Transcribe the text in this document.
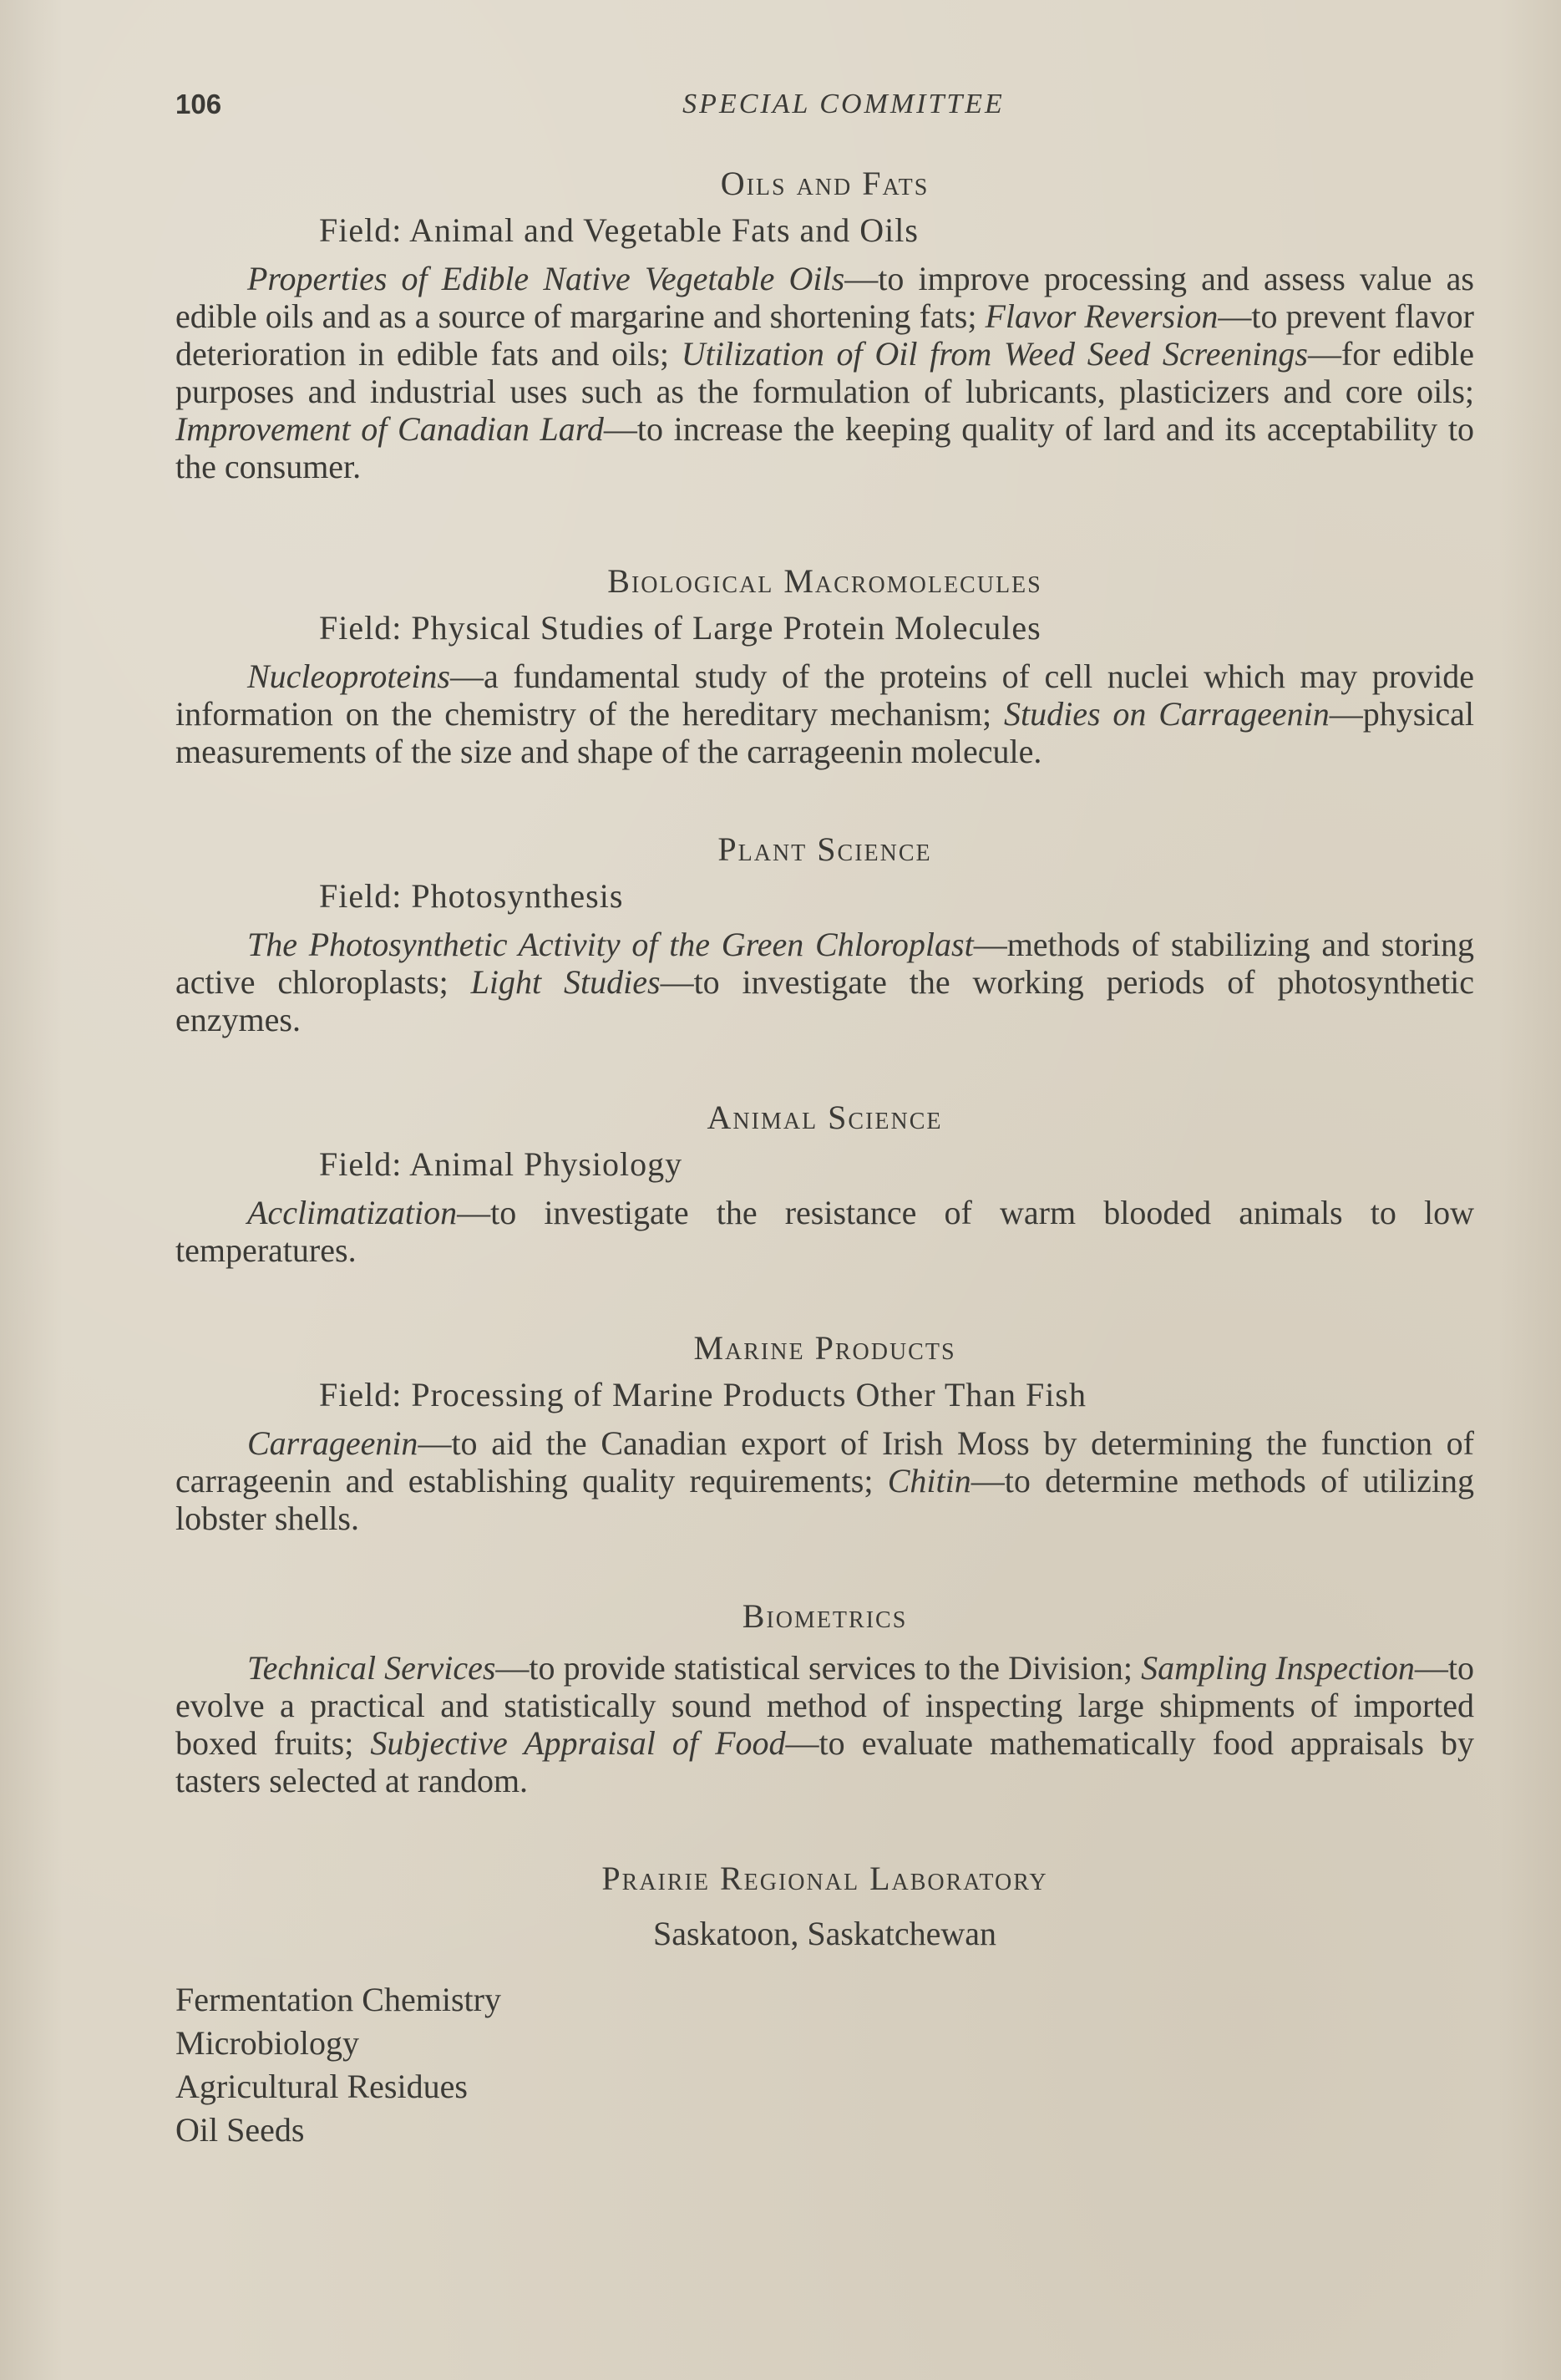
106	SPECIAL COMMITTEE
Oils and Fats
Field: Animal and Vegetable Fats and Oils

Properties of Edible Native Vegetable Oils—to improve processing and assess value as edible oils and as a source of margarine and shortening fats; Flavor Reversion—to prevent flavor deterioration in edible fats and oils; Utilization of Oil from Weed Seed Screenings—for edible purposes and industrial uses such as the formulation of lubricants, plasticizers and core oils; Improvement of Canadian Lard—to increase the keeping quality of lard and its acceptability to the consumer.

Biological Macromolecules
Field: Physical Studies of Large Protein Molecules

Nucleoproteins—a fundamental study of the proteins of cell nuclei which may provide information on the chemistry of the hereditary mechanism; Studies on Carrageenin—physical measurements of the size and shape of the carrageenin molecule.

Plant Science
Field: Photosynthesis

The Photosynthetic Activity of the Green Chloroplast—methods of stabilizing and storing active chloroplasts; Light Studies—to investigate the working periods of photosynthetic enzymes.

Animal Science
Field: Animal Physiology

Acclimatization—to investigate the resistance of warm blooded animals to low temperatures.

Marine Products
Field: Processing of Marine Products Other Than Fish

Carrageenin—to aid the Canadian export of Irish Moss by determining the function of carrageenin and establishing quality requirements; Chitin—to determine methods of utilizing lobster shells.

Biometrics

Technical Services—to provide statistical services to the Division; Sampling Inspection—to evolve a practical and statistically sound method of inspecting large shipments of imported boxed fruits; Subjective Appraisal of Food—to evaluate mathematically food appraisals by tasters selected at random.

Prairie Regional Laboratory
Saskatoon, Saskatchewan
Fermentation Chemistry
Microbiology
Agricultural Residues
Oil Seeds
